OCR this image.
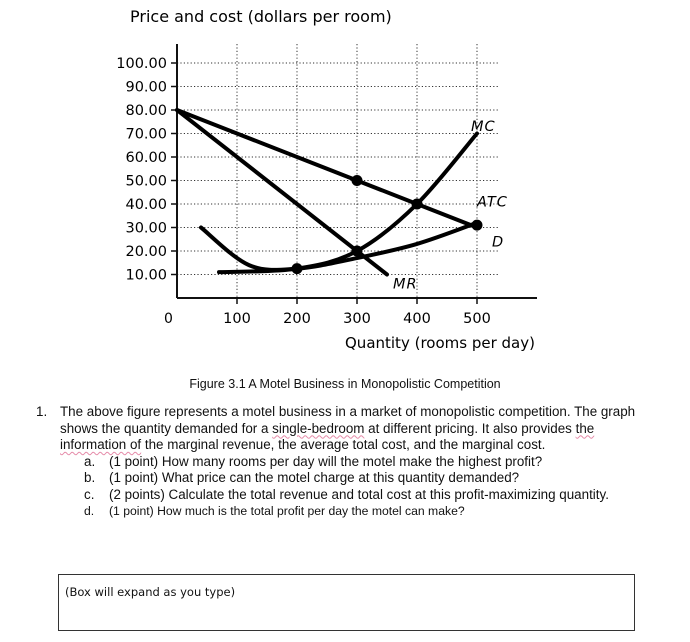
Price and cost (dollars per room)
100.00
90.00
80.00
70.00
60.00
50.00
40.00
30.00
20.00
10.00
100 200 300 400 500
MC
ATC
D
MR
0
Quantity (rooms per day)
Figure 3.1 A Motel Business in Monopolistic Competition
1. The above figure represents a motel business in a market of monopolistic competition. The graph shows the quantity demanded for a single-bedroom at different pricing. It also provides the information of the marginal revenue, the average total cost, and the marginal cost.
a. (1 point) How many rooms per day will the motel make the highest profit?
b. (1 point) What price can the motel charge at this quantity demanded?
c. (2 points) Calculate the total revenue and total cost at this profit-maximizing quantity.
d. (1 point) How much is the total profit per day the motel can make?
(Box will expand as you type)
